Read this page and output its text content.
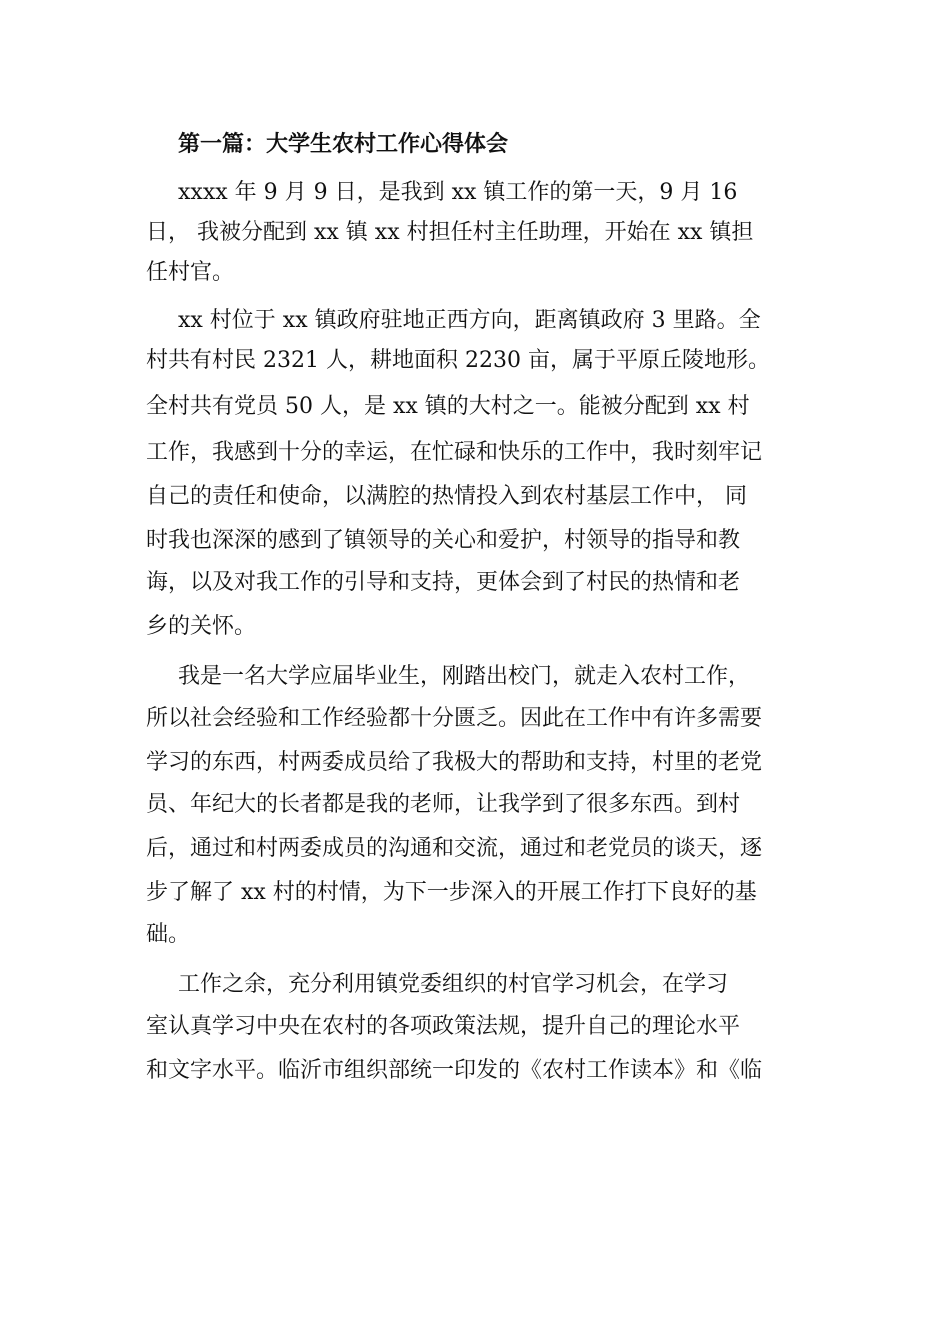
第一篇：大学生农村工作心得体会

xxxx 年 9 月 9 日，是我到 xx 镇工作的第一天，9 月 16

日， 我被分配到 xx 镇 xx 村担任村主任助理，开始在 xx 镇担

任村官。

xx 村位于 xx 镇政府驻地正西方向，距离镇政府 3 里路。全

村共有村民 2321 人，耕地面积 2230 亩，属于平原丘陵地形。

全村共有党员 50 人，是 xx 镇的大村之一。能被分配到 xx 村

工作，我感到十分的幸运，在忙碌和快乐的工作中，我时刻牢记

自己的责任和使命，以满腔的热情投入到农村基层工作中， 同

时我也深深的感到了镇领导的关心和爱护，村领导的指导和教

诲，以及对我工作的引导和支持，更体会到了村民的热情和老

乡的关怀。

我是一名大学应届毕业生，刚踏出校门，就走入农村工作，

所以社会经验和工作经验都十分匮乏。因此在工作中有许多需要

学习的东西，村两委成员给了我极大的帮助和支持，村里的老党

员、年纪大的长者都是我的老师，让我学到了很多东西。到村

后，通过和村两委成员的沟通和交流，通过和老党员的谈天，逐

步了解了 xx 村的村情，为下一步深入的开展工作打下良好的基

础。

工作之余，充分利用镇党委组织的村官学习机会，在学习

室认真学习中央在农村的各项政策法规，提升自己的理论水平

和文字水平。临沂市组织部统一印发的《农村工作读本》和《临
